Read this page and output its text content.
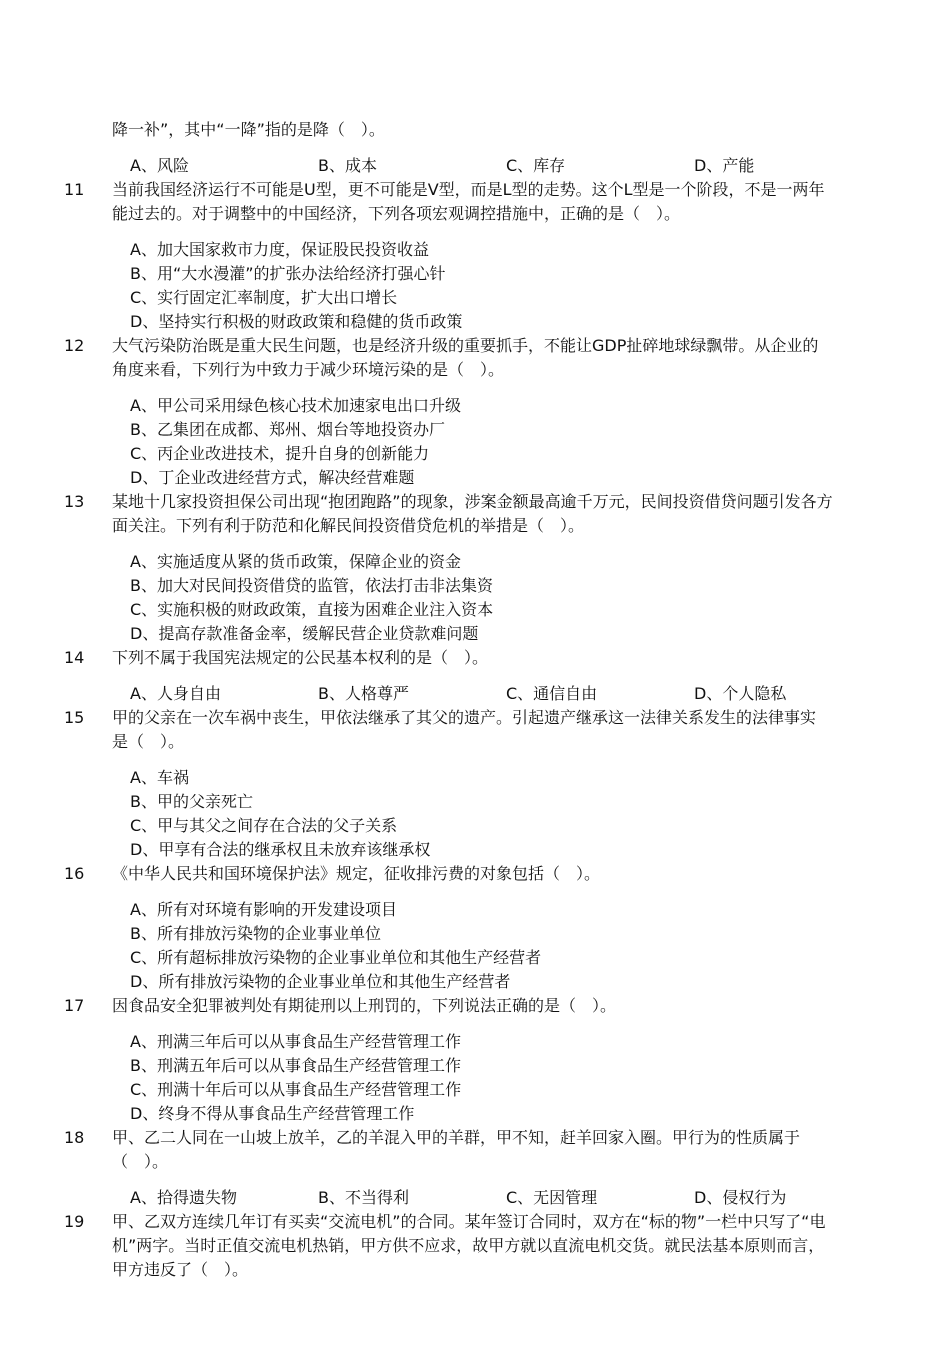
降一补”，其中“一降”指的是降（　）。
A、风险	B、成本	C、库存	D、产能
11 当前我国经济运行不可能是U型，更不可能是V型，而是L型的走势。这个L型是一个阶段，不是一两年
能过去的。对于调整中的中国经济，下列各项宏观调控措施中，正确的是（　）。
A、加大国家救市力度，保证股民投资收益
B、用“大水漫灌”的扩张办法给经济打强心针
C、实行固定汇率制度，扩大出口增长
D、坚持实行积极的财政政策和稳健的货币政策
12 大气污染防治既是重大民生问题，也是经济升级的重要抓手，不能让GDP扯碎地球绿飘带。从企业的
角度来看，下列行为中致力于减少环境污染的是（　）。
A、甲公司采用绿色核心技术加速家电出口升级
B、乙集团在成都、郑州、烟台等地投资办厂
C、丙企业改进技术，提升自身的创新能力
D、丁企业改进经营方式，解决经营难题
13 某地十几家投资担保公司出现“抱团跑路”的现象，涉案金额最高逾千万元，民间投资借贷问题引发各方
面关注。下列有利于防范和化解民间投资借贷危机的举措是（　）。
A、实施适度从紧的货币政策，保障企业的资金
B、加大对民间投资借贷的监管，依法打击非法集资
C、实施积极的财政政策，直接为困难企业注入资本
D、提高存款准备金率，缓解民营企业贷款难问题
14 下列不属于我国宪法规定的公民基本权利的是（　）。
A、人身自由	B、人格尊严	C、通信自由	D、个人隐私
15 甲的父亲在一次车祸中丧生，甲依法继承了其父的遗产。引起遗产继承这一法律关系发生的法律事实
是（　）。
A、车祸
B、甲的父亲死亡
C、甲与其父之间存在合法的父子关系
D、甲享有合法的继承权且未放弃该继承权
16 《中华人民共和国环境保护法》规定，征收排污费的对象包括（　）。
A、所有对环境有影响的开发建设项目
B、所有排放污染物的企业事业单位
C、所有超标排放污染物的企业事业单位和其他生产经营者
D、所有排放污染物的企业事业单位和其他生产经营者
17 因食品安全犯罪被判处有期徒刑以上刑罚的，下列说法正确的是（　）。
A、刑满三年后可以从事食品生产经营管理工作
B、刑满五年后可以从事食品生产经营管理工作
C、刑满十年后可以从事食品生产经营管理工作
D、终身不得从事食品生产经营管理工作
18 甲、乙二人同在一山坡上放羊，乙的羊混入甲的羊群，甲不知，赶羊回家入圈。甲行为的性质属于
（　）。
A、拾得遗失物	B、不当得利	C、无因管理	D、侵权行为
19 甲、乙双方连续几年订有买卖“交流电机”的合同。某年签订合同时，双方在“标的物”一栏中只写了“电
机”两字。当时正值交流电机热销，甲方供不应求，故甲方就以直流电机交货。就民法基本原则而言，
甲方违反了（　）。
